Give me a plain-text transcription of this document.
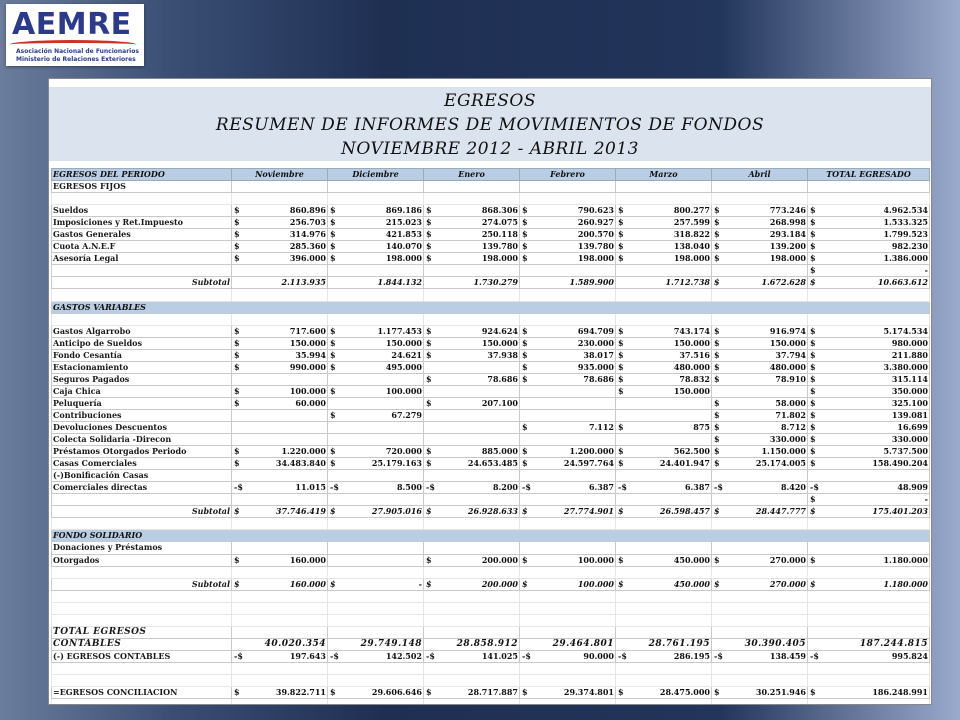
AEMRE
Asociación Nacional de Funcionarios
Ministerio de Relaciones Exteriores
EGRESOS
RESUMEN DE INFORMES DE MOVIMIENTOS DE FONDOS
NOVIEMBRE 2012 - ABRIL 2013
EGRESOS DEL PERIODO	Noviembre	Diciembre	Enero	Febrero	Marzo	Abril	TOTAL EGRESADO
EGRESOS FIJOS							

Sueldos	$ 860.896	$ 869.186	$ 868.306	$ 790.623	$ 800.277	$ 773.246	$ 4.962.534
Imposiciones y Ret.Impuesto	$ 256.703	$ 215.023	$ 274.075	$ 260.927	$ 257.599	$ 268.998	$ 1.533.325
Gastos Generales	$ 314.976	$ 421.853	$ 250.118	$ 200.570	$ 318.822	$ 293.184	$ 1.799.523
Cuota A.N.E.F	$ 285.360	$ 140.070	$ 139.780	$ 139.780	$ 138.040	$ 139.200	$ 982.230
Asesoría Legal	$ 396.000	$ 198.000	$ 198.000	$ 198.000	$ 198.000	$ 198.000	$ 1.386.000

							$ -
Subtotal	2.113.935	1.844.132	1.730.279	1.589.900	1.712.738	$ 1.672.628	$ 10.663.612

GASTOS VARIABLES							

Gastos Algarrobo	$ 717.600	$ 1.177.453	$ 924.624	$ 694.709	$ 743.174	$ 916.974	$ 5.174.534
Anticipo de Sueldos	$ 150.000	$ 150.000	$ 150.000	$ 230.000	$ 150.000	$ 150.000	$ 980.000
Fondo Cesantía	$ 35.994	$ 24.621	$ 37.938	$ 38.017	$ 37.516	$ 37.794	$ 211.880
Estacionamiento	$ 990.000	$ 495.000		$ 935.000	$ 480.000	$ 480.000	$ 3.380.000
Seguros Pagados			$ 78.686	$ 78.686	$ 78.832	$ 78.910	$ 315.114
Caja Chica	$ 100.000	$ 100.000			$ 150.000		$ 350.000
Peluquería	$ 60.000		$ 207.100			$ 58.000	$ 325.100
Contribuciones		$ 67.279				$ 71.802	$ 139.081
Devoluciones Descuentos				$ 7.112	$ 875	$ 8.712	$ 16.699
Colecta Solidaria -Direcon						$ 330.000	$ 330.000
Préstamos Otorgados Periodo	$ 1.220.000	$ 720.000	$ 885.000	$ 1.200.000	$ 562.500	$ 1.150.000	$ 5.737.500
Casas Comerciales	$ 34.483.840	$ 25.179.163	$ 24.653.485	$ 24.597.764	$ 24.401.947	$ 25.174.005	$ 158.490.204
(-)Bonificación Casas							
Comerciales directas	-$ 11.015	-$ 8.500	-$ 8.200	-$ 6.387	-$ 6.387	-$ 8.420	-$ 48.909

							$ -
Subtotal	$ 37.746.419	$ 27.905.016	$ 26.928.633	$ 27.774.901	$ 26.598.457	$ 28.447.777	$ 175.401.203

FONDO SOLIDARIO							
Donaciones y Préstamos							
Otorgados	$ 160.000		$ 200.000	$ 100.000	$ 450.000	$ 270.000	$ 1.180.000

Subtotal	$ 160.000	$ -	$ 200.000	$ 100.000	$ 450.000	$ 270.000	$ 1.180.000

TOTAL EGRESOS							
CONTABLES	40.020.354	29.749.148	28.858.912	29.464.801	28.761.195	30.390.405	187.244.815
(-) EGRESOS CONTABLES	-$ 197.643	-$ 142.502	-$ 141.025	-$ 90.000	-$ 286.195	-$ 138.459	-$ 995.824

=EGRESOS CONCILIACION	$ 39.822.711	$ 29.606.646	$ 28.717.887	$ 29.374.801	$ 28.475.000	$ 30.251.946	$ 186.248.991
